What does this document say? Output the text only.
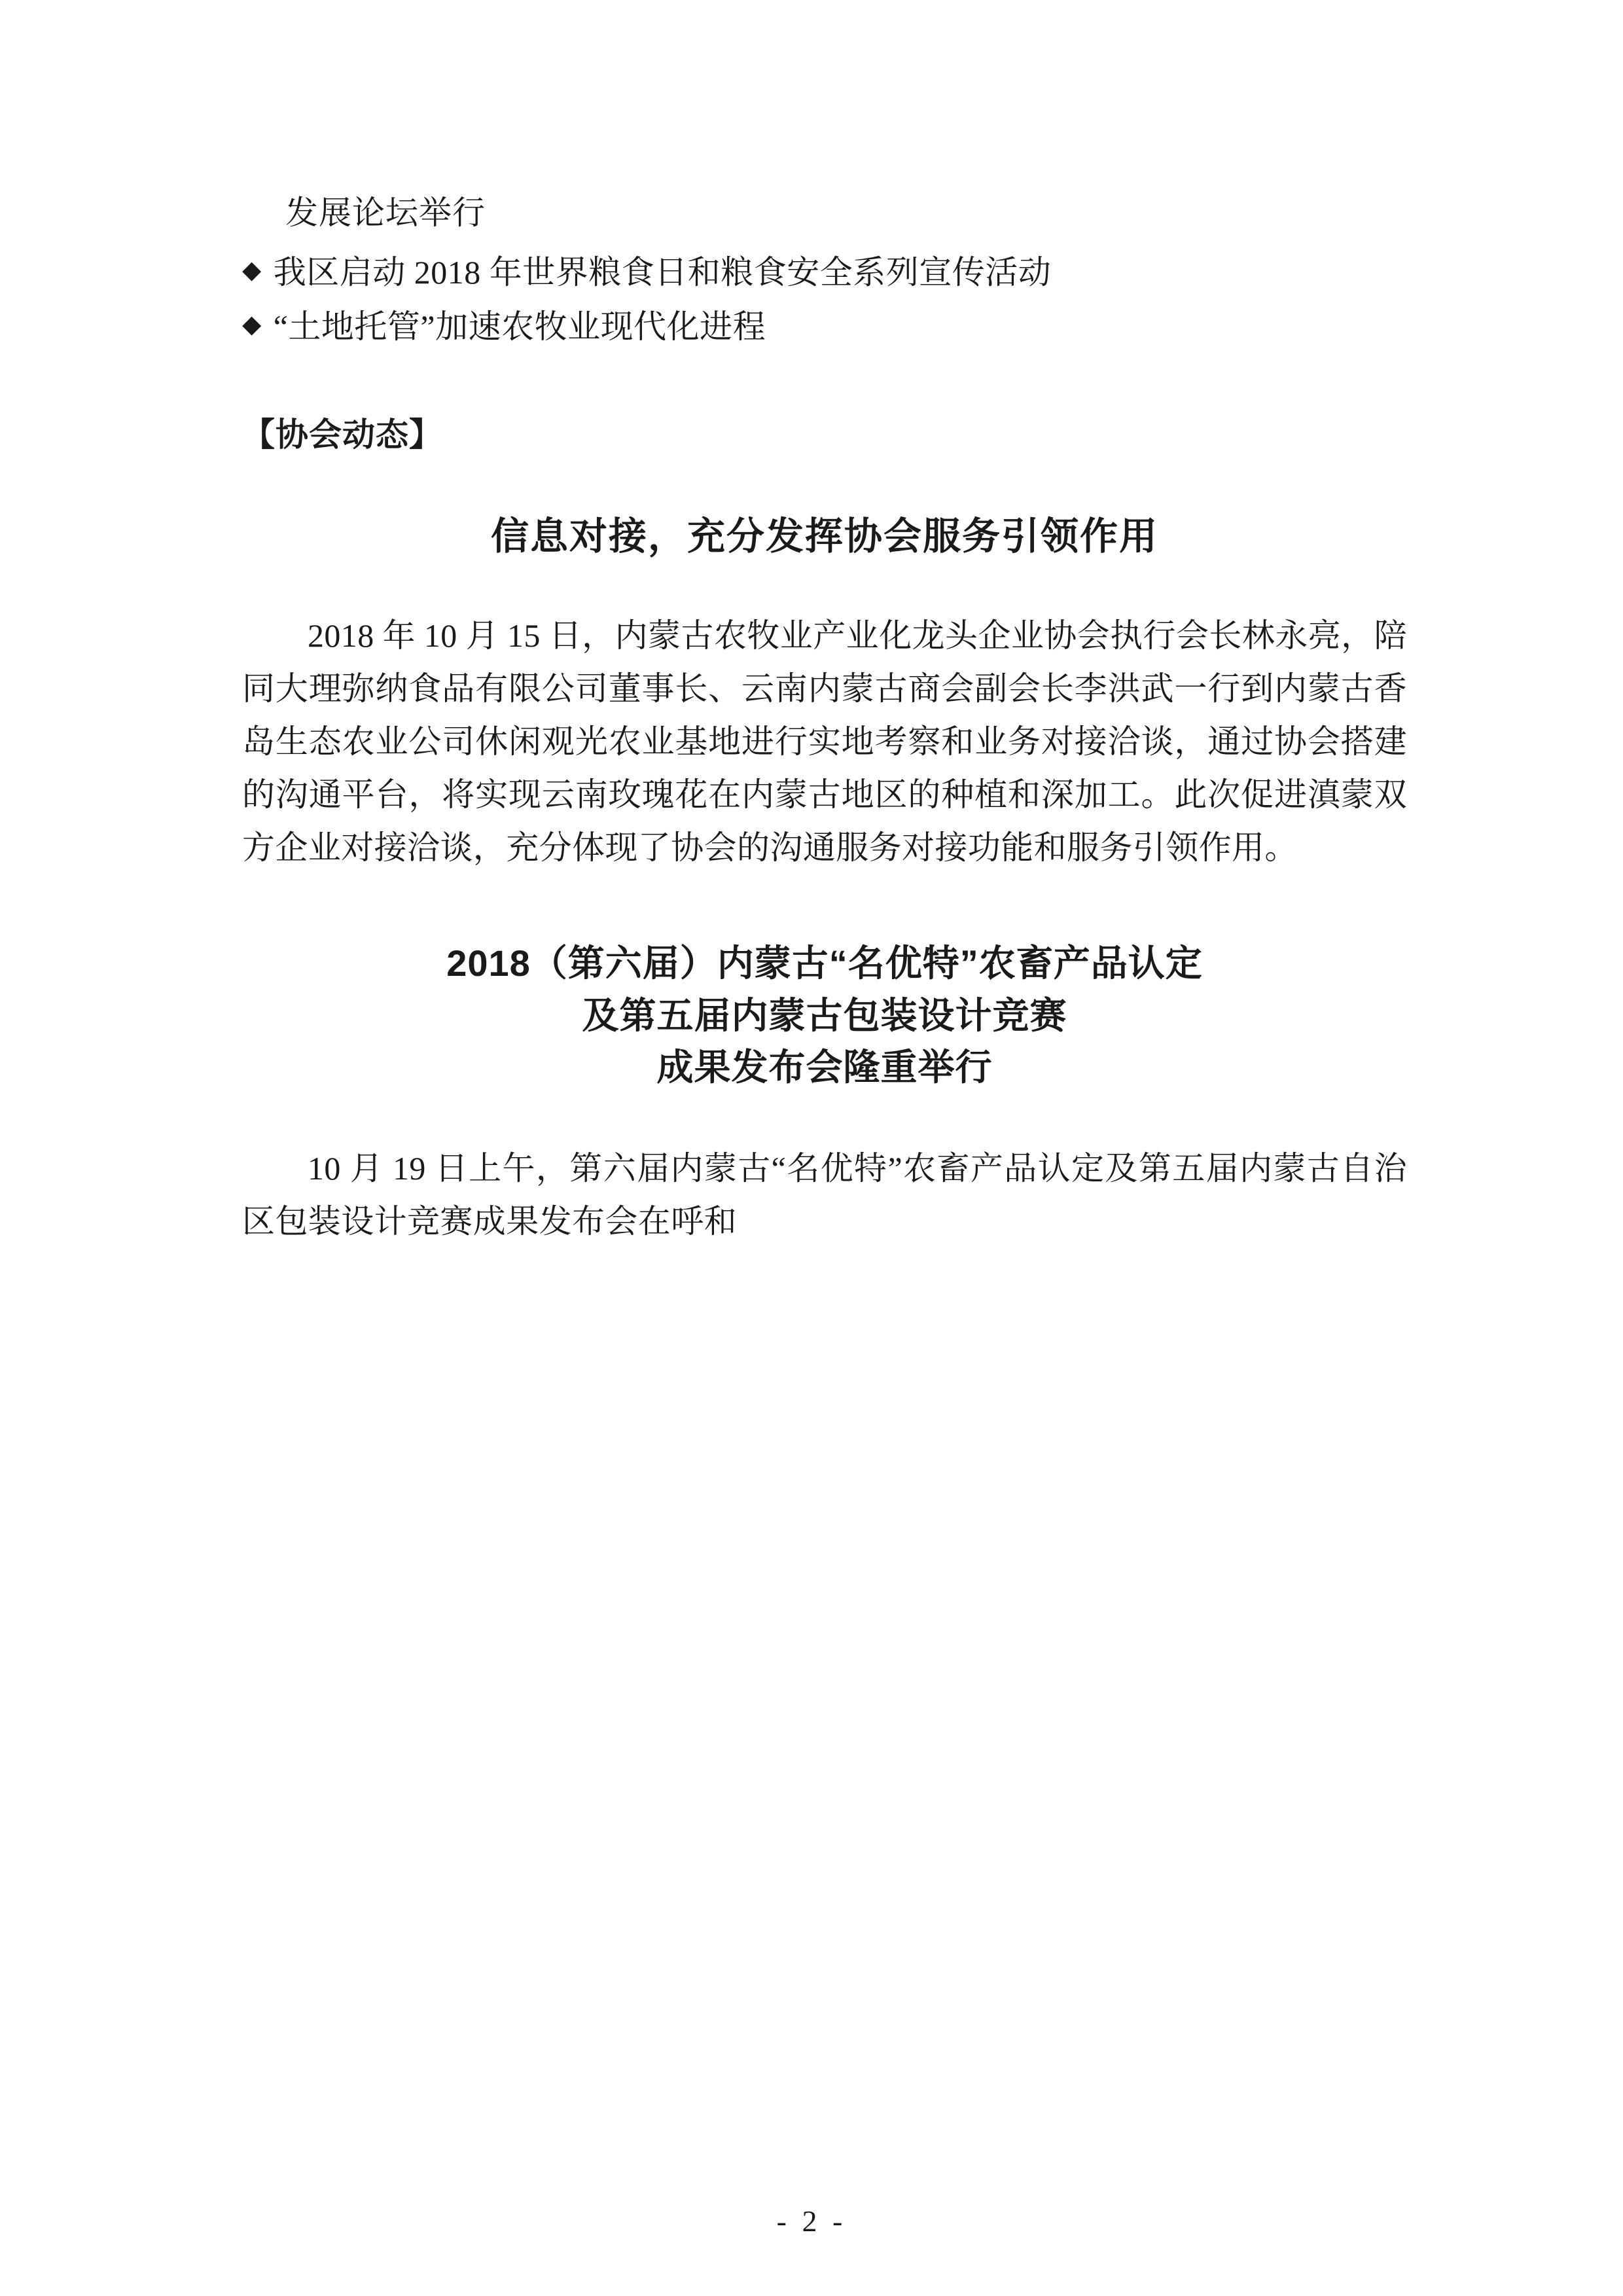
发展论坛举行
◆ 我区启动 2018 年世界粮食日和粮食安全系列宣传活动
◆ “土地托管”加速农牧业现代化进程
【协会动态】
信息对接，充分发挥协会服务引领作用

2018 年 10 月 15 日，内蒙古农牧业产业化龙头企业协会执行会长林永亮，陪同大理弥纳食品有限公司董事长、云南内蒙古商会副会长李洪武一行到内蒙古香岛生态农业公司休闲观光农业基地进行实地考察和业务对接洽谈，通过协会搭建的沟通平台，将实现云南玫瑰花在内蒙古地区的种植和深加工。此次促进滇蒙双方企业对接洽谈，充分体现了协会的沟通服务对接功能和服务引领作用。

2018（第六届）内蒙古“名优特”农畜产品认定
及第五届内蒙古包装设计竞赛
成果发布会隆重举行

10 月 19 日上午，第六届内蒙古“名优特”农畜产品认定及第五届内蒙古自治区包装设计竞赛成果发布会在呼和

- 2 -
